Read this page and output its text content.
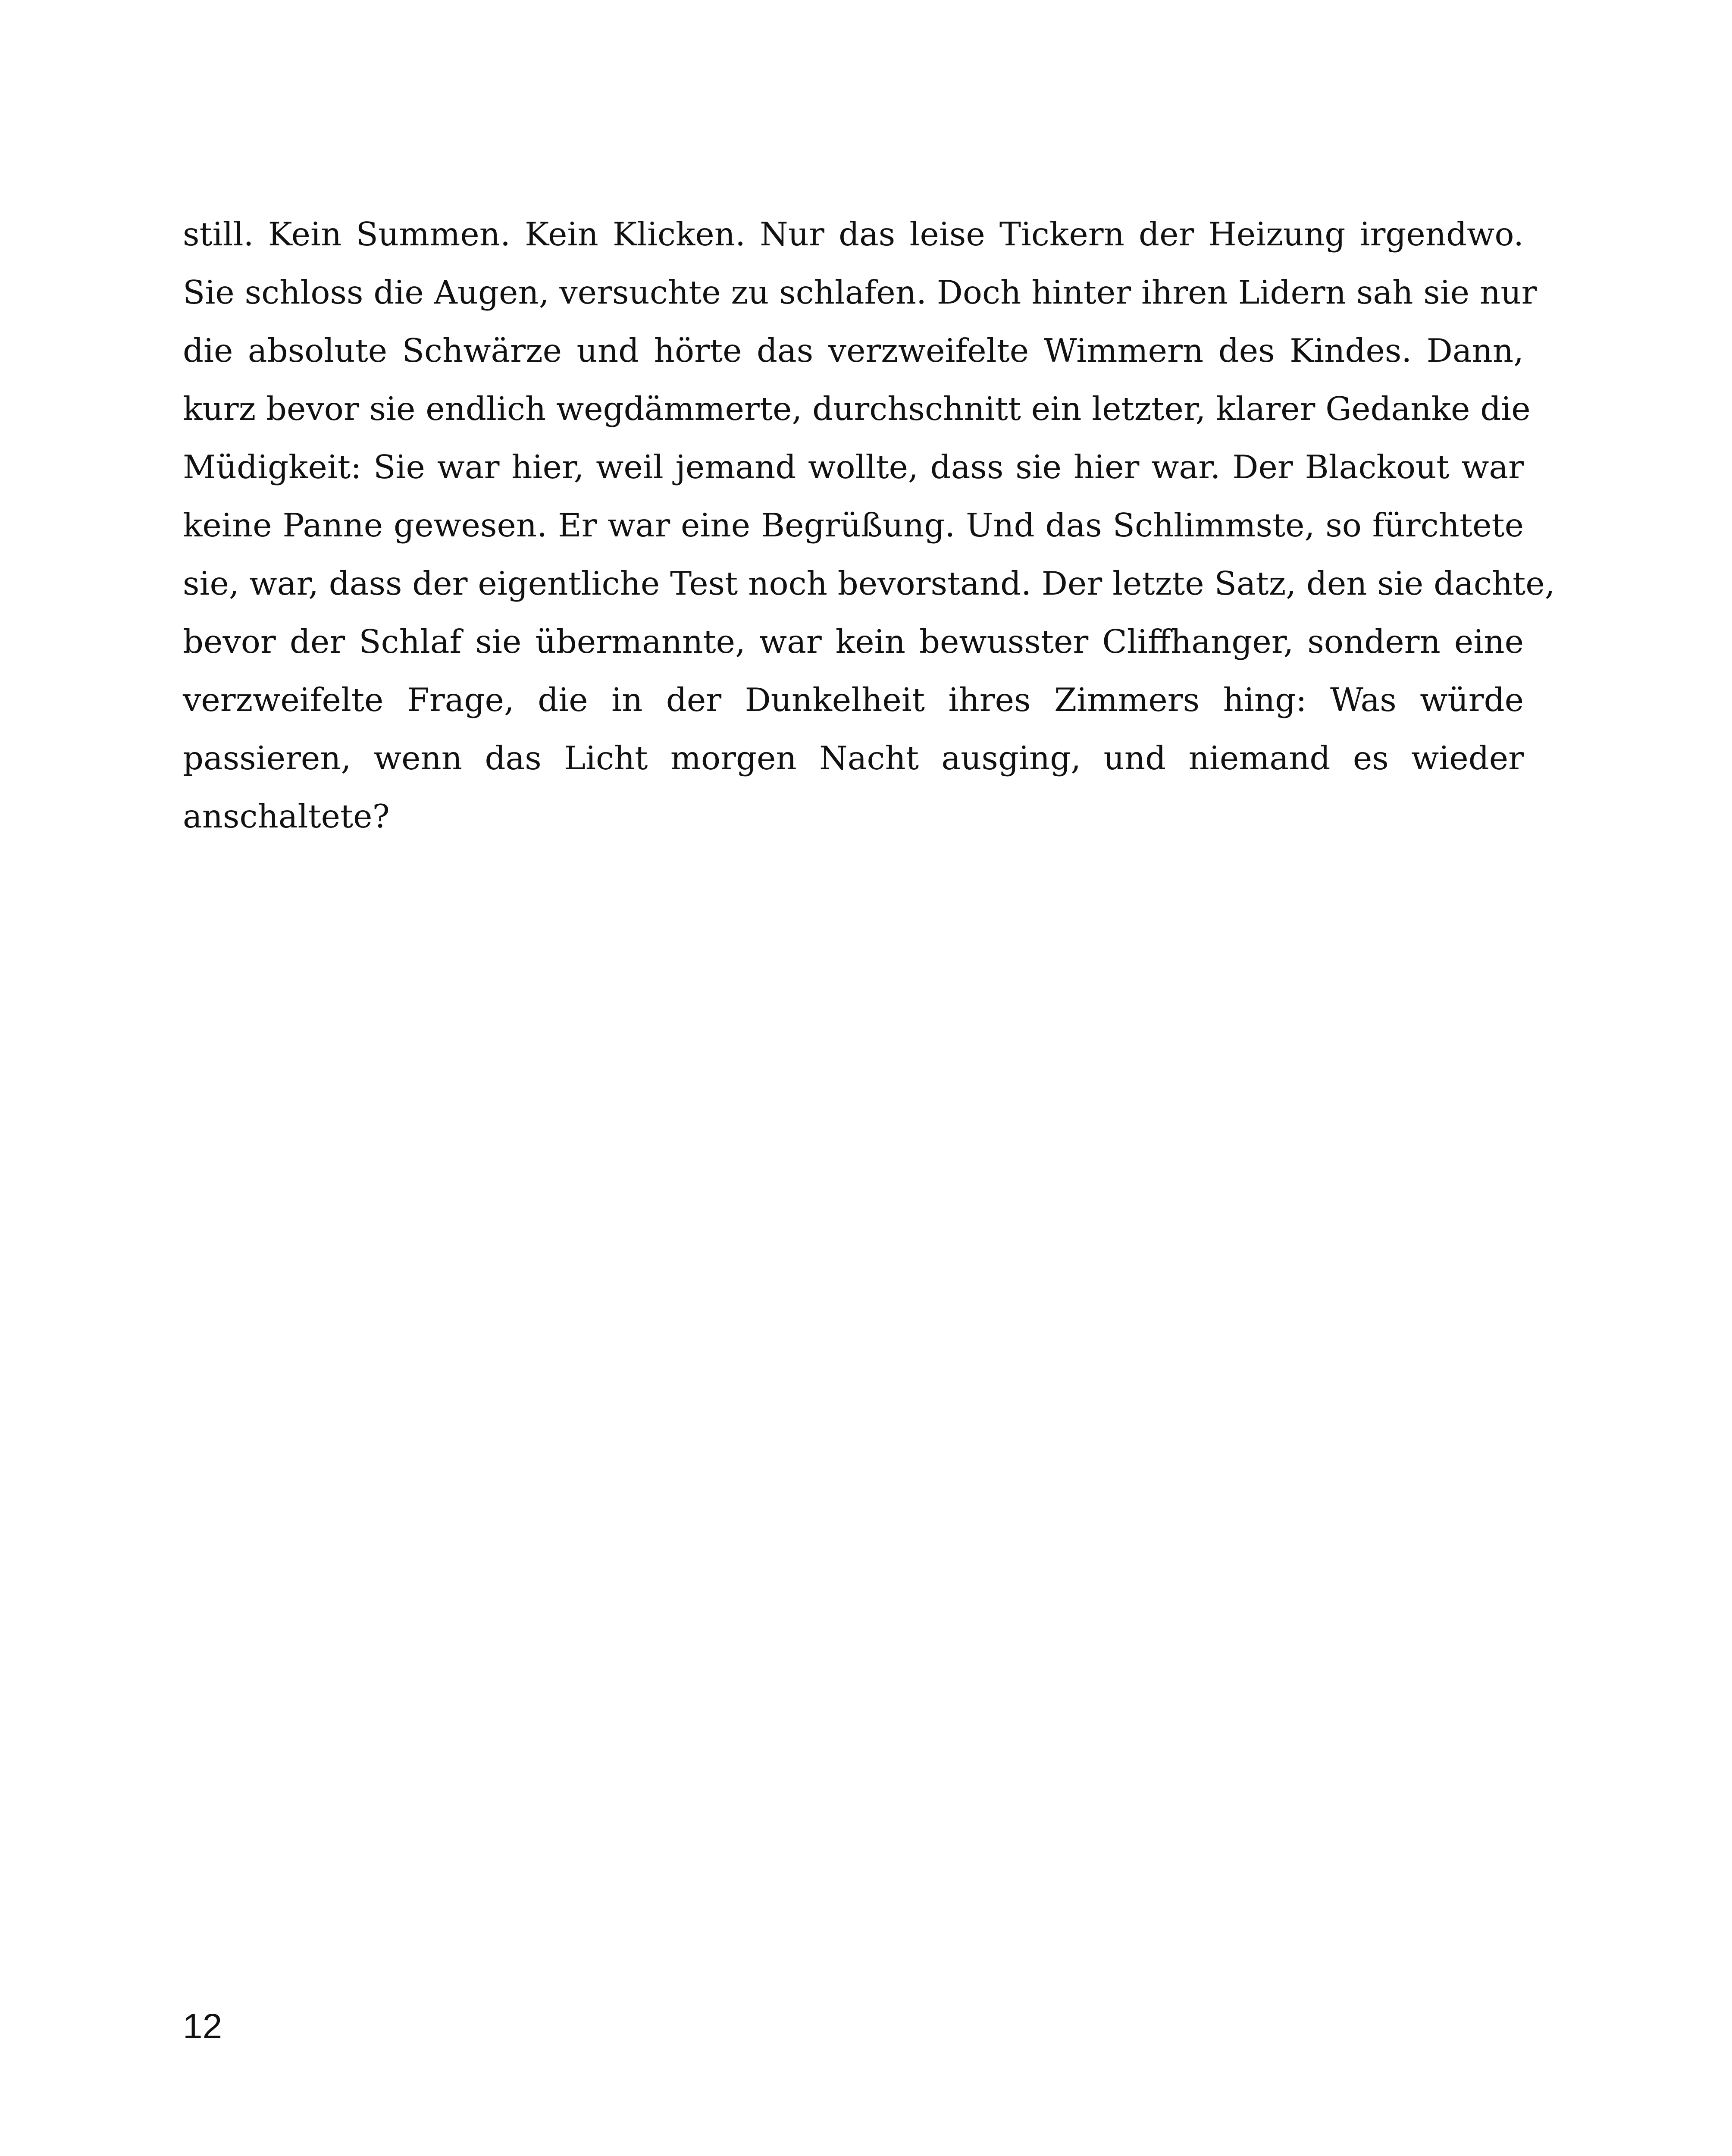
still. Kein Summen. Kein Klicken. Nur das leise Tickern der Heizung irgendwo.
Sie schloss die Augen, versuchte zu schlafen. Doch hinter ihren Lidern sah sie nur
die absolute Schwärze und hörte das verzweifelte Wimmern des Kindes. Dann,
kurz bevor sie endlich wegdämmerte, durchschnitt ein letzter, klarer Gedanke die
Müdigkeit: Sie war hier, weil jemand wollte, dass sie hier war. Der Blackout war
keine Panne gewesen. Er war eine Begrüßung. Und das Schlimmste, so fürchtete
sie, war, dass der eigentliche Test noch bevorstand. Der letzte Satz, den sie dachte,
bevor der Schlaf sie übermannte, war kein bewusster Cliffhanger, sondern eine
verzweifelte Frage, die in der Dunkelheit ihres Zimmers hing: Was würde
passieren, wenn das Licht morgen Nacht ausging, und niemand es wieder
anschaltete?
12
